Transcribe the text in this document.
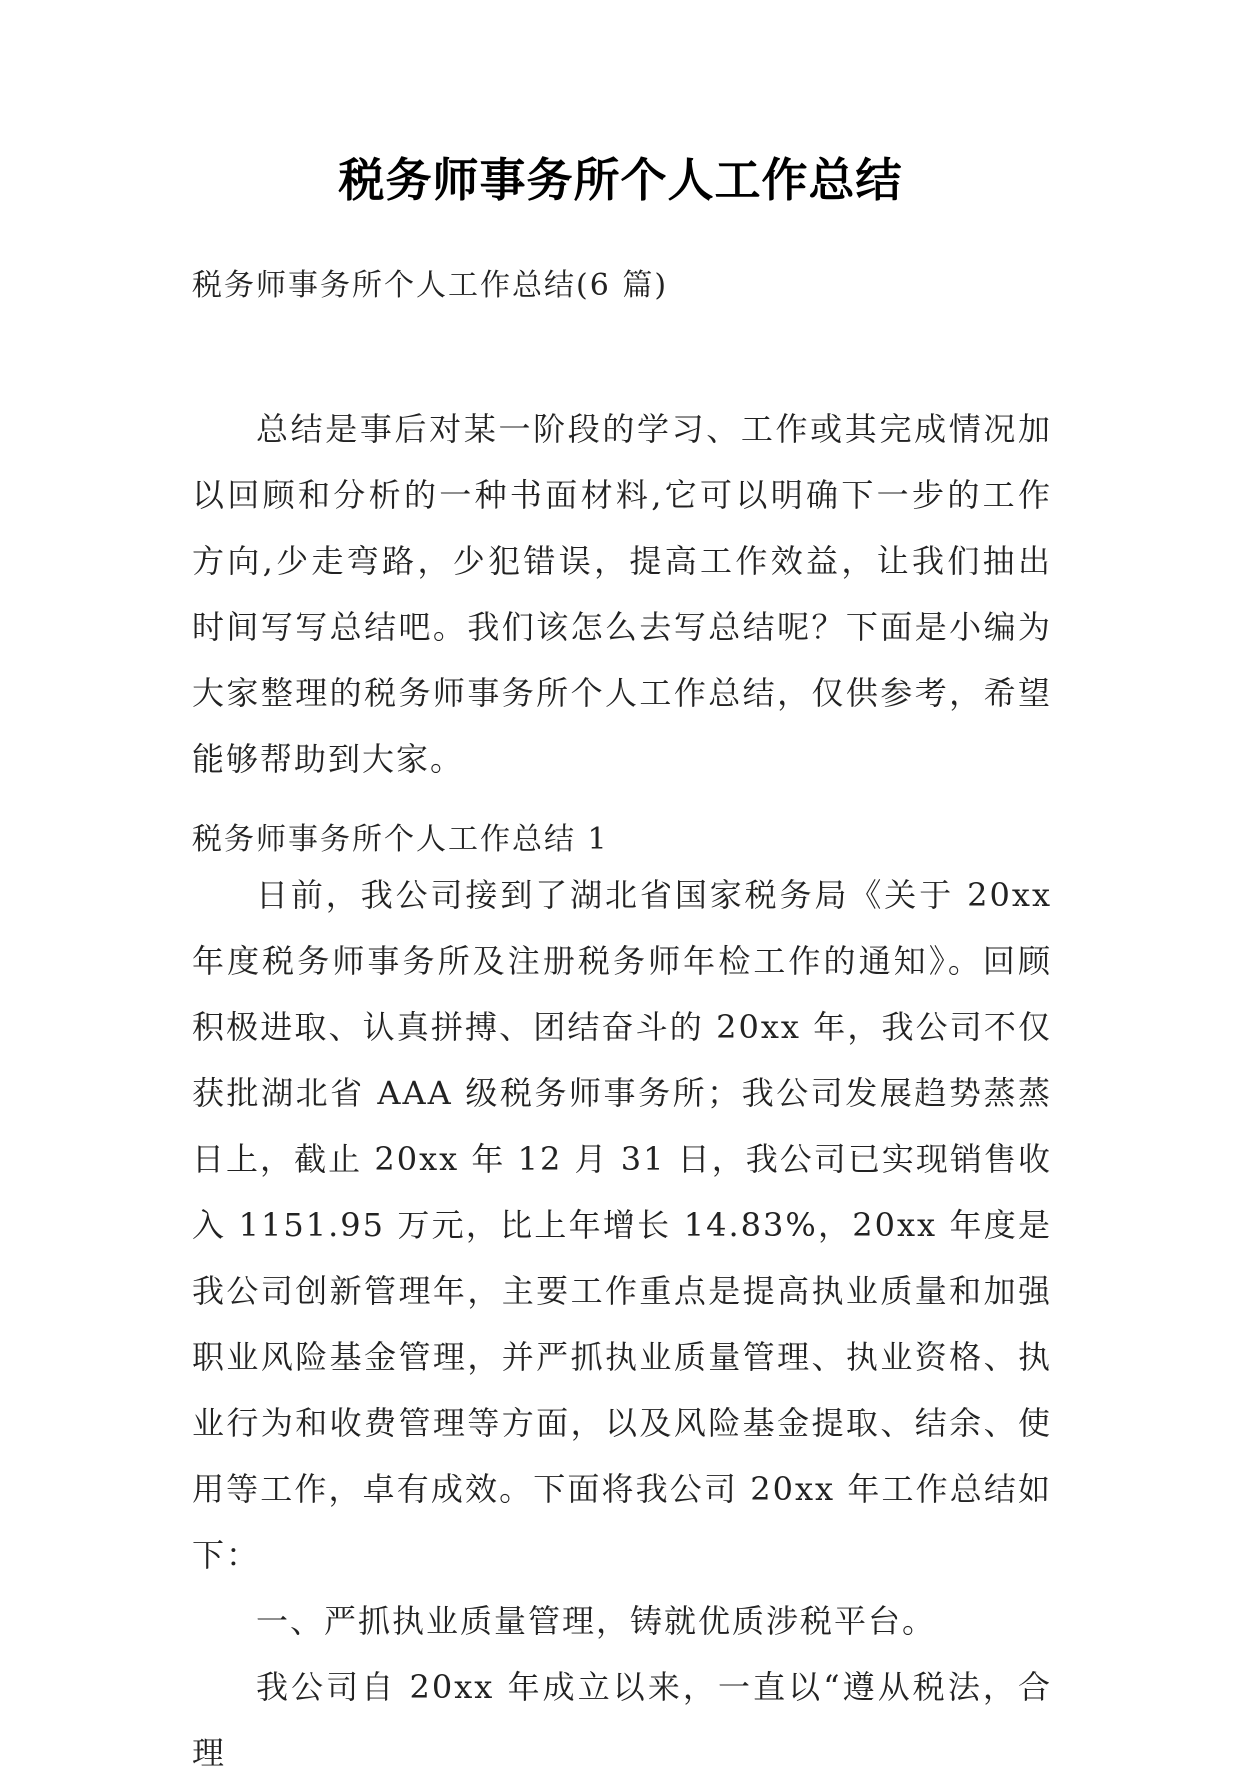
税务师事务所个人工作总结
税务师事务所个人工作总结(6 篇)

总结是事后对某一阶段的学习、工作或其完成情况加以回顾和分析的一种书面材料,它可以明确下一步的工作方向,少走弯路，少犯错误，提高工作效益，让我们抽出时间写写总结吧。我们该怎么去写总结呢？下面是小编为大家整理的税务师事务所个人工作总结，仅供参考，希望能够帮助到大家。

税务师事务所个人工作总结 1

日前，我公司接到了湖北省国家税务局《关于 20xx 年度税务师事务所及注册税务师年检工作的通知》。回顾积极进取、认真拼搏、团结奋斗的 20xx 年，我公司不仅获批湖北省 AAA 级税务师事务所；我公司发展趋势蒸蒸日上，截止 20xx 年 12 月 31 日，我公司已实现销售收入 1151.95 万元，比上年增长 14.83%，20xx 年度是我公司创新管理年，主要工作重点是提高执业质量和加强职业风险基金管理，并严抓执业质量管理、执业资格、执业行为和收费管理等方面，以及风险基金提取、结余、使用等工作，卓有成效。下面将我公司 20xx 年工作总结如下：

一、严抓执业质量管理，铸就优质涉税平台。

我公司自 20xx 年成立以来，一直以“遵从税法，合理
